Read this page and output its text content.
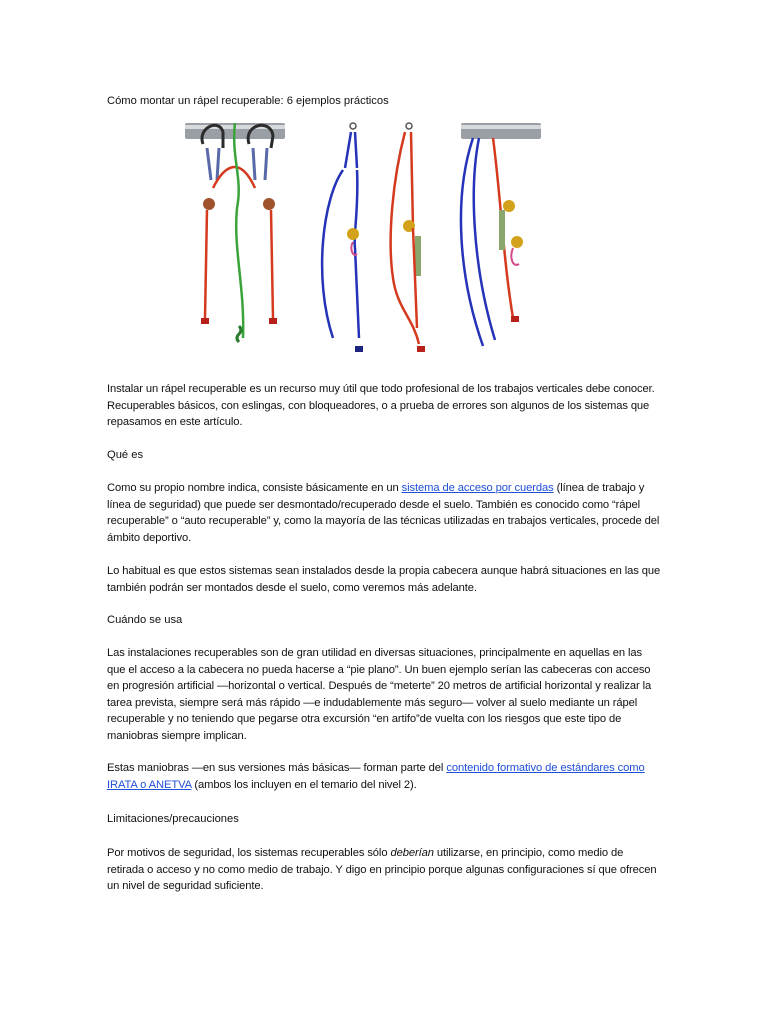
Cómo montar un rápel recuperable: 6 ejemplos prácticos

Instalar un rápel recuperable es un recurso muy útil que todo profesional de los trabajos verticales debe conocer. Recuperables básicos, con eslingas, con bloqueadores, o a prueba de errores son algunos de los sistemas que repasamos en este artículo.

Qué es

Como su propio nombre indica, consiste básicamente en un sistema de acceso por cuerdas (línea de trabajo y línea de seguridad) que puede ser desmontado/recuperado desde el suelo. También es conocido como “rápel recuperable” o “auto recuperable” y, como la mayoría de las técnicas utilizadas en trabajos verticales, procede del ámbito deportivo.

Lo habitual es que estos sistemas sean instalados desde la propia cabecera aunque habrá situaciones en las que también podrán ser montados desde el suelo, como veremos más adelante.

Cuándo se usa

Las instalaciones recuperables son de gran utilidad en diversas situaciones, principalmente en aquellas en las que el acceso a la cabecera no pueda hacerse a “pie plano”. Un buen ejemplo serían las cabeceras con acceso en progresión artificial —horizontal o vertical. Después de “meterte” 20 metros de artificial horizontal y realizar la tarea prevista, siempre será más rápido —e indudablemente más seguro— volver al suelo mediante un rápel recuperable y no teniendo que pegarse otra excursión “en artifo”de vuelta con los riesgos que este tipo de maniobras siempre implican.

Estas maniobras —en sus versiones más básicas— forman parte del contenido formativo de estándares como IRATA o ANETVA (ambos los incluyen en el temario del nivel 2).

Limitaciones/precauciones

Por motivos de seguridad, los sistemas recuperables sólo deberían utilizarse, en principio, como medio de retirada o acceso y no como medio de trabajo. Y digo en principio porque algunas configuraciones sí que ofrecen un nivel de seguridad suficiente.
